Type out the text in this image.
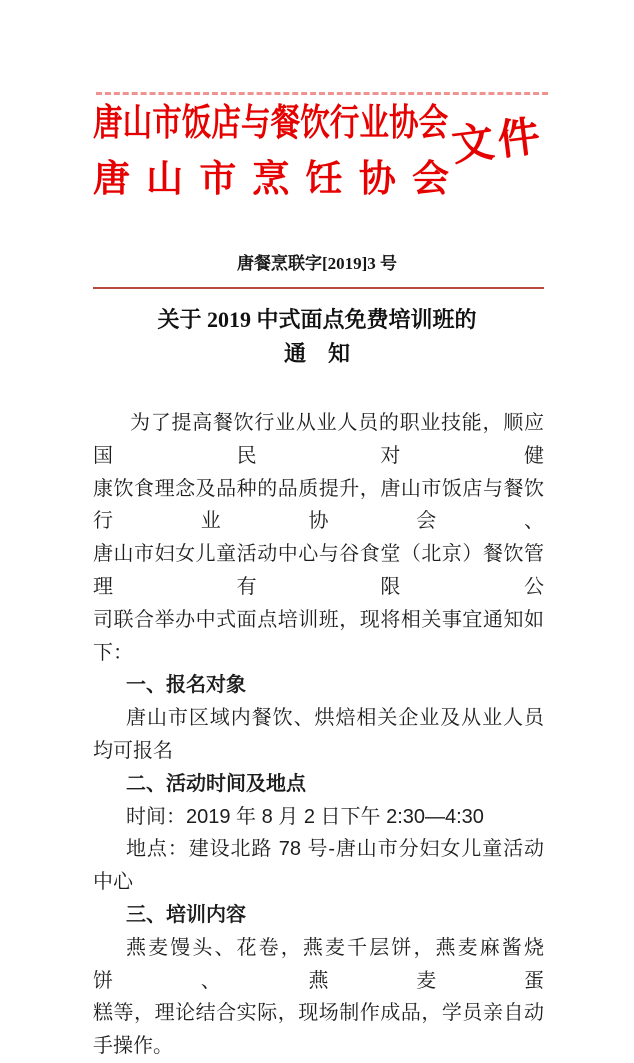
唐山市饭店与餐饮行业协会
唐 山 市 烹 饪 协 会
文件
唐餐烹联字[2019]3 号
关于 2019 中式面点免费培训班的
通　知
为了提高餐饮行业从业人员的职业技能，顺应国民对健
康饮食理念及品种的品质提升，唐山市饭店与餐饮行业协会、
唐山市妇女儿童活动中心与谷食堂（北京）餐饮管理有限公
司联合举办中式面点培训班，现将相关事宜通知如下：
一、报名对象
唐山市区域内餐饮、烘焙相关企业及从业人员均可报名
二、活动时间及地点
时间：2019 年 8 月 2 日下午 2:30—4:30
地点：建设北路 78 号-唐山市分妇女儿童活动中心
三、培训内容
燕麦馒头、花卷，燕麦千层饼，燕麦麻酱烧饼、燕麦蛋
糕等，理论结合实际，现场制作成品，学员亲自动手操作。
